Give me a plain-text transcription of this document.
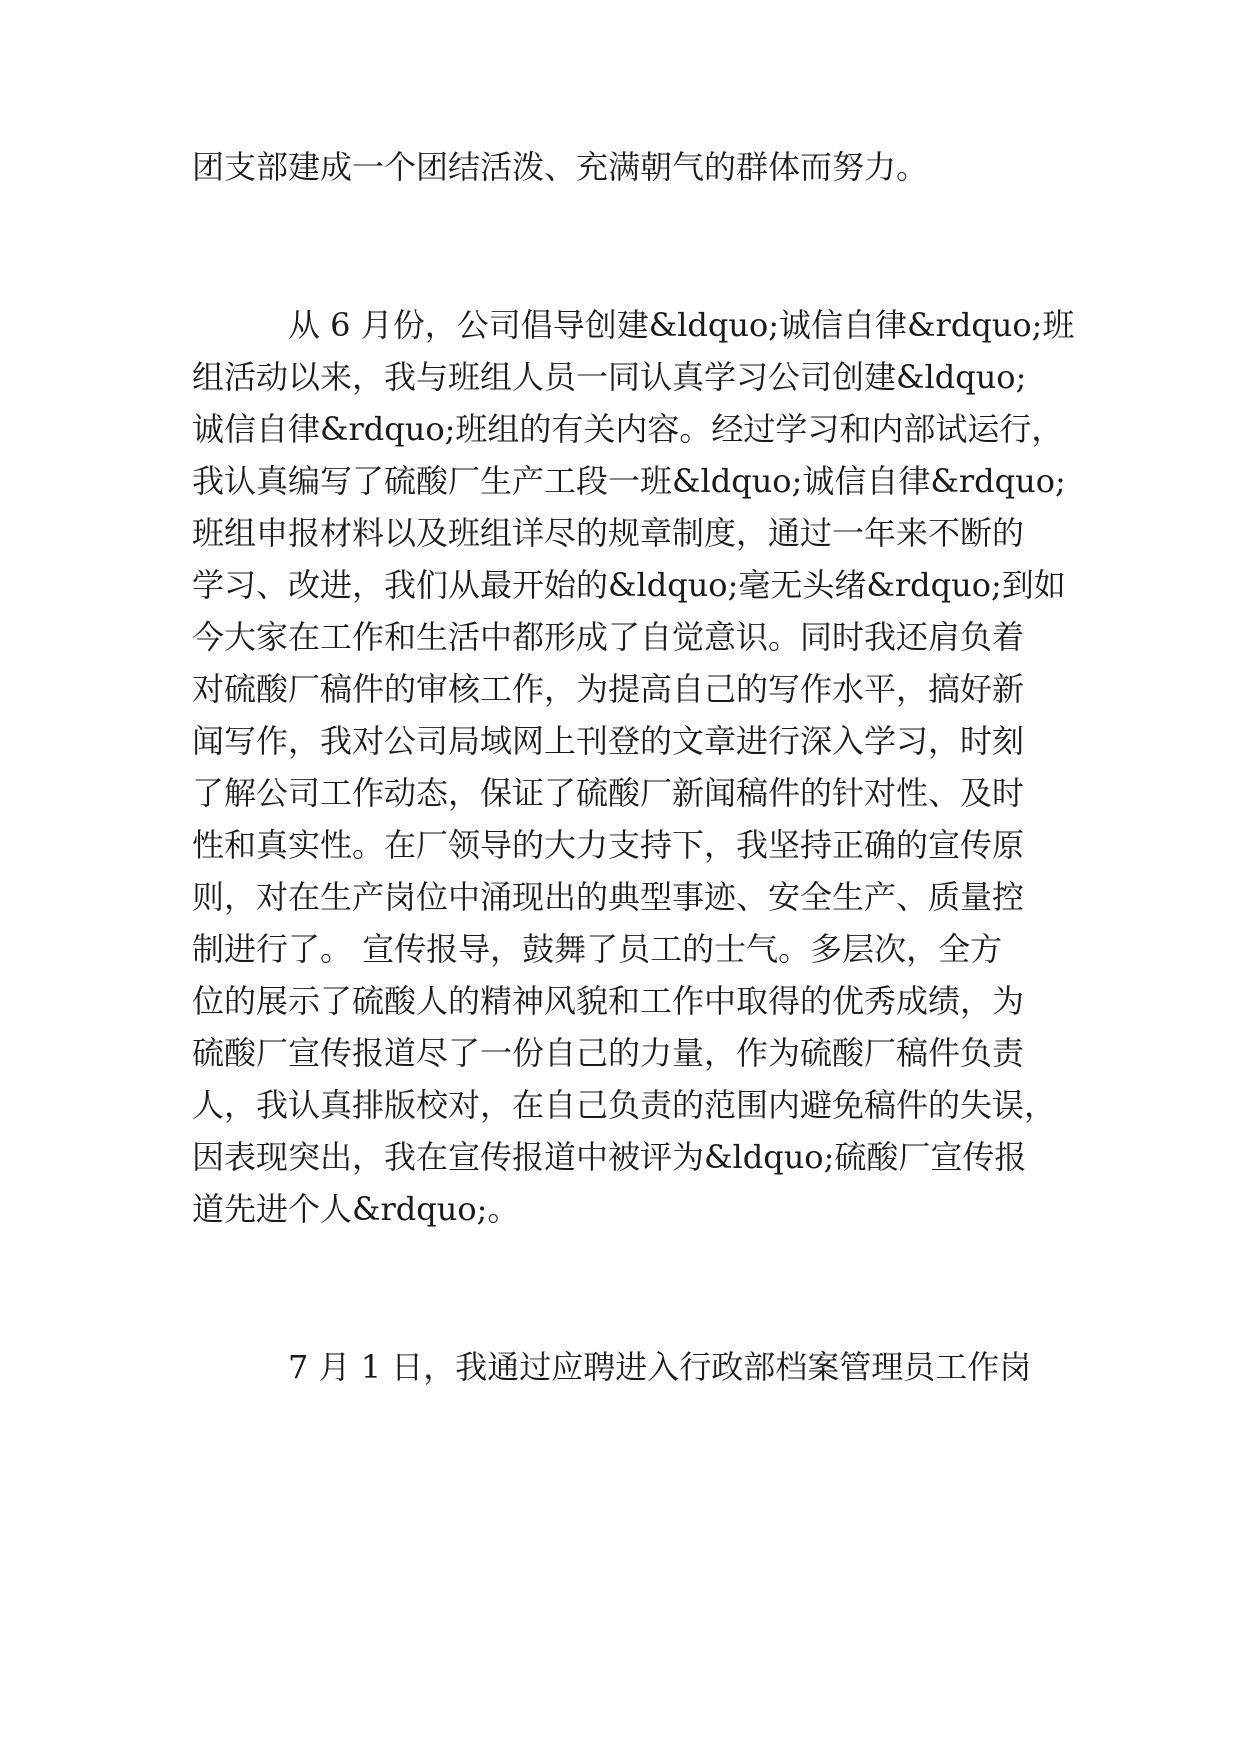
团支部建成一个团结活泼、充满朝气的群体而努力。
　　　从 6 月份，公司倡导创建&ldquo;诚信自律&rdquo;班
组活动以来，我与班组人员一同认真学习公司创建&ldquo;
诚信自律&rdquo;班组的有关内容。经过学习和内部试运行，
我认真编写了硫酸厂生产工段一班&ldquo;诚信自律&rdquo;
班组申报材料以及班组详尽的规章制度，通过一年来不断的
学习、改进，我们从最开始的&ldquo;毫无头绪&rdquo;到如
今大家在工作和生活中都形成了自觉意识。同时我还肩负着
对硫酸厂稿件的审核工作，为提高自己的写作水平，搞好新
闻写作，我对公司局域网上刊登的文章进行深入学习，时刻
了解公司工作动态，保证了硫酸厂新闻稿件的针对性、及时
性和真实性。在厂领导的大力支持下，我坚持正确的宣传原
则，对在生产岗位中涌现出的典型事迹、安全生产、质量控
制进行了。 宣传报导，鼓舞了员工的士气。多层次，全方
位的展示了硫酸人的精神风貌和工作中取得的优秀成绩，为
硫酸厂宣传报道尽了一份自己的力量，作为硫酸厂稿件负责
人，我认真排版校对，在自己负责的范围内避免稿件的失误，
因表现突出，我在宣传报道中被评为&ldquo;硫酸厂宣传报
道先进个人&rdquo;。
　　　7 月 1 日，我通过应聘进入行政部档案管理员工作岗
